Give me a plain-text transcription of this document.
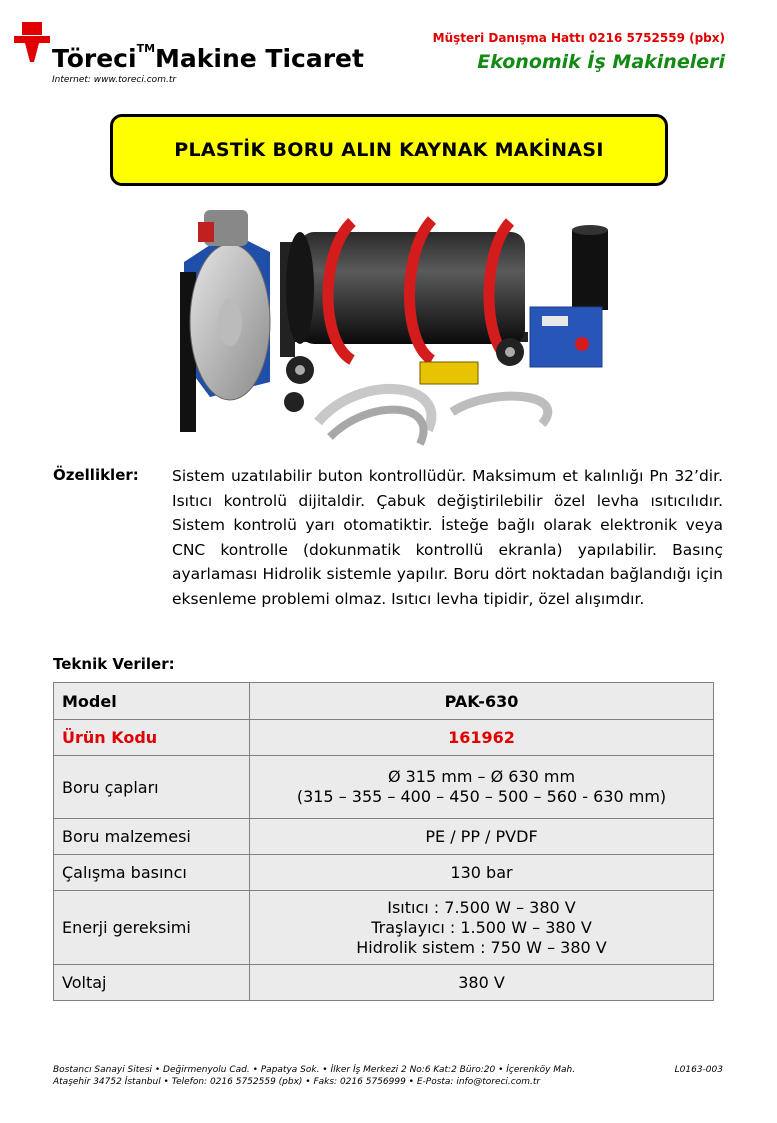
Töreci™Makine Ticaret
Internet: www.toreci.com.tr
Müşteri Danışma Hattı 0216 5752559 (pbx)
Ekonomik İş Makineleri
PLASTİK BORU ALIN KAYNAK MAKİNASI
Özellikler: Sistem uzatılabilir buton kontrollüdür. Maksimum et kalınlığı Pn 32’dir. Isıtıcı kontrolü dijitaldir. Çabuk değiştirilebilir özel levha ısıtıcılıdır. Sistem kontrolü yarı otomatiktir. İsteğe bağlı olarak elektronik veya CNC kontrolle (dokunmatik kontrollü ekranla) yapılabilir. Basınç ayarlaması Hidrolik sistemle yapılır. Boru dört noktadan bağlandığı için eksenleme problemi olmaz. Isıtıcı levha tipidir, özel alışımdır.
Teknik Veriler:
Model	PAK-630
Ürün Kodu	161962
Boru çapları	Ø 315 mm – Ø 630 mm
(315 – 355 – 400 – 450 – 500 – 560 - 630 mm)

Boru malzemesi	PE / PP / PVDF
Çalışma basıncı	130 bar
Enerji gereksimi	Isıtıcı : 7.500 W – 380 V
Traşlayıcı : 1.500 W – 380 V
Hidrolik sistem : 750 W – 380 V

Voltaj	380 V
Bostancı Sanayi Sitesi • Değirmenyolu Cad. • Papatya Sok. • İlker İş Merkezi 2 No:6 Kat:2 Büro:20 • İçerenköy Mah.
Ataşehir 34752 İstanbul • Telefon: 0216 5752559 (pbx) • Faks: 0216 5756999 • E-Posta: info@toreci.com.tr
L0163-003
